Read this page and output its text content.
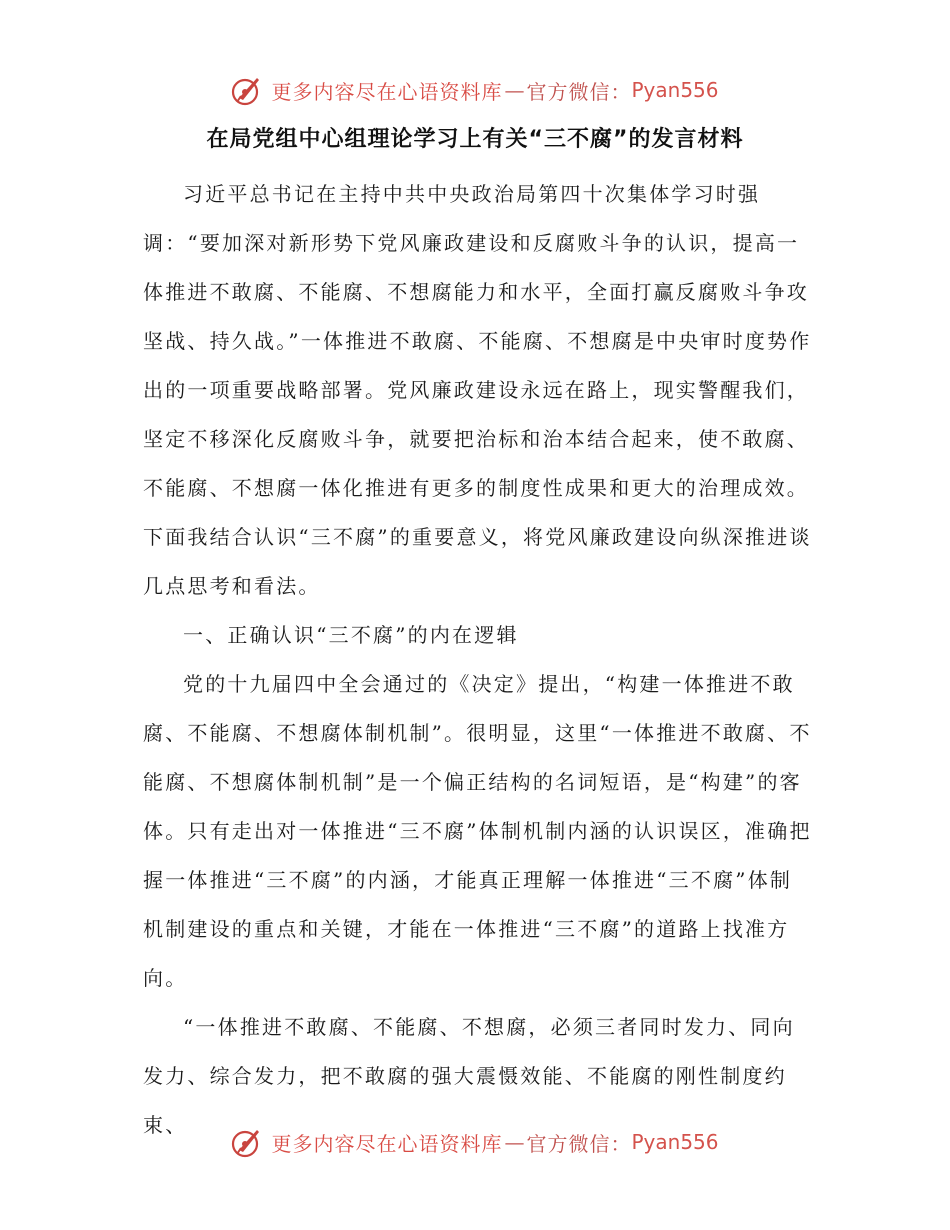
更多内容尽在心语资料库 — 官方微信： Pyan556
在局党组中心组理论学习上有关“三不腐”的发言材料

习近平总书记在主持中共中央政治局第四十次集体学习时强调：“要加深对新形势下党风廉政建设和反腐败斗争的认识，提高一体推进不敢腐、不能腐、不想腐能力和水平，全面打赢反腐败斗争攻坚战、持久战。”一体推进不敢腐、不能腐、不想腐是中央审时度势作出的一项重要战略部署。党风廉政建设永远在路上，现实警醒我们，坚定不移深化反腐败斗争，就要把治标和治本结合起来，使不敢腐、不能腐、不想腐一体化推进有更多的制度性成果和更大的治理成效。下面我结合认识“三不腐”的重要意义，将党风廉政建设向纵深推进谈几点思考和看法。

一、正确认识“三不腐”的内在逻辑

党的十九届四中全会通过的《决定》提出，“构建一体推进不敢腐、不能腐、不想腐体制机制”。很明显，这里“一体推进不敢腐、不能腐、不想腐体制机制”是一个偏正结构的名词短语，是“构建”的客体。只有走出对一体推进“三不腐”体制机制内涵的认识误区，准确把握一体推进“三不腐”的内涵，才能真正理解一体推进“三不腐”体制机制建设的重点和关键，才能在一体推进“三不腐”的道路上找准方向。

“一体推进不敢腐、不能腐、不想腐，必须三者同时发力、同向发力、综合发力，把不敢腐的强大震慑效能、不能腐的刚性制度约束、

更多内容尽在心语资料库 — 官方微信： Pyan556
